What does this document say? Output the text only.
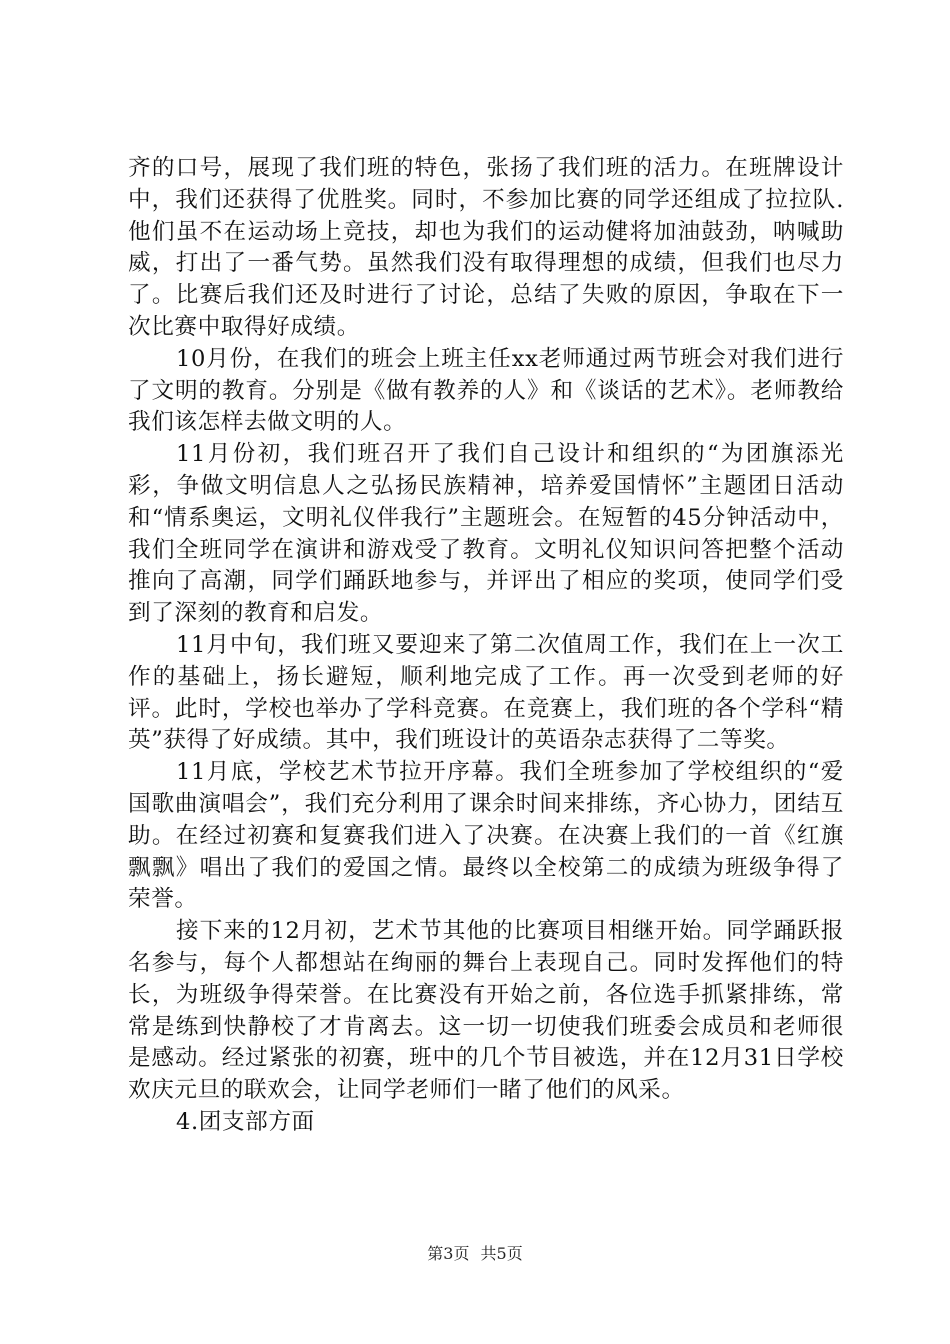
齐的口号，展现了我们班的特色，张扬了我们班的活力。在班牌设计中，我们还获得了优胜奖。同时，不参加比赛的同学还组成了拉拉队.他们虽不在运动场上竞技，却也为我们的运动健将加油鼓劲，呐喊助威，打出了一番气势。虽然我们没有取得理想的成绩，但我们也尽力了。比赛后我们还及时进行了讨论，总结了失败的原因，争取在下一次比赛中取得好成绩。

10月份，在我们的班会上班主任xx老师通过两节班会对我们进行了文明的教育。分别是《做有教养的人》和《谈话的艺术》。老师教给我们该怎样去做文明的人。

11月份初，我们班召开了我们自己设计和组织的“为团旗添光彩，争做文明信息人之弘扬民族精神，培养爱国情怀”主题团日活动和“情系奥运，文明礼仪伴我行”主题班会。在短暂的45分钟活动中，我们全班同学在演讲和游戏受了教育。文明礼仪知识问答把整个活动推向了高潮，同学们踊跃地参与，并评出了相应的奖项，使同学们受到了深刻的教育和启发。

11月中旬，我们班又要迎来了第二次值周工作，我们在上一次工作的基础上，扬长避短，顺利地完成了工作。再一次受到老师的好评。此时，学校也举办了学科竞赛。在竞赛上，我们班的各个学科“精英”获得了好成绩。其中，我们班设计的英语杂志获得了二等奖。

11月底，学校艺术节拉开序幕。我们全班参加了学校组织的“爱国歌曲演唱会”，我们充分利用了课余时间来排练，齐心协力，团结互助。在经过初赛和复赛我们进入了决赛。在决赛上我们的一首《红旗飘飘》唱出了我们的爱国之情。最终以全校第二的成绩为班级争得了荣誉。

接下来的12月初，艺术节其他的比赛项目相继开始。同学踊跃报名参与，每个人都想站在绚丽的舞台上表现自己。同时发挥他们的特长，为班级争得荣誉。在比赛没有开始之前，各位选手抓紧排练，常常是练到快静校了才肯离去。这一切一切使我们班委会成员和老师很是感动。经过紧张的初赛，班中的几个节目被选，并在12月31日学校欢庆元旦的联欢会，让同学老师们一睹了他们的风采。

4.团支部方面

第3页 共5页
